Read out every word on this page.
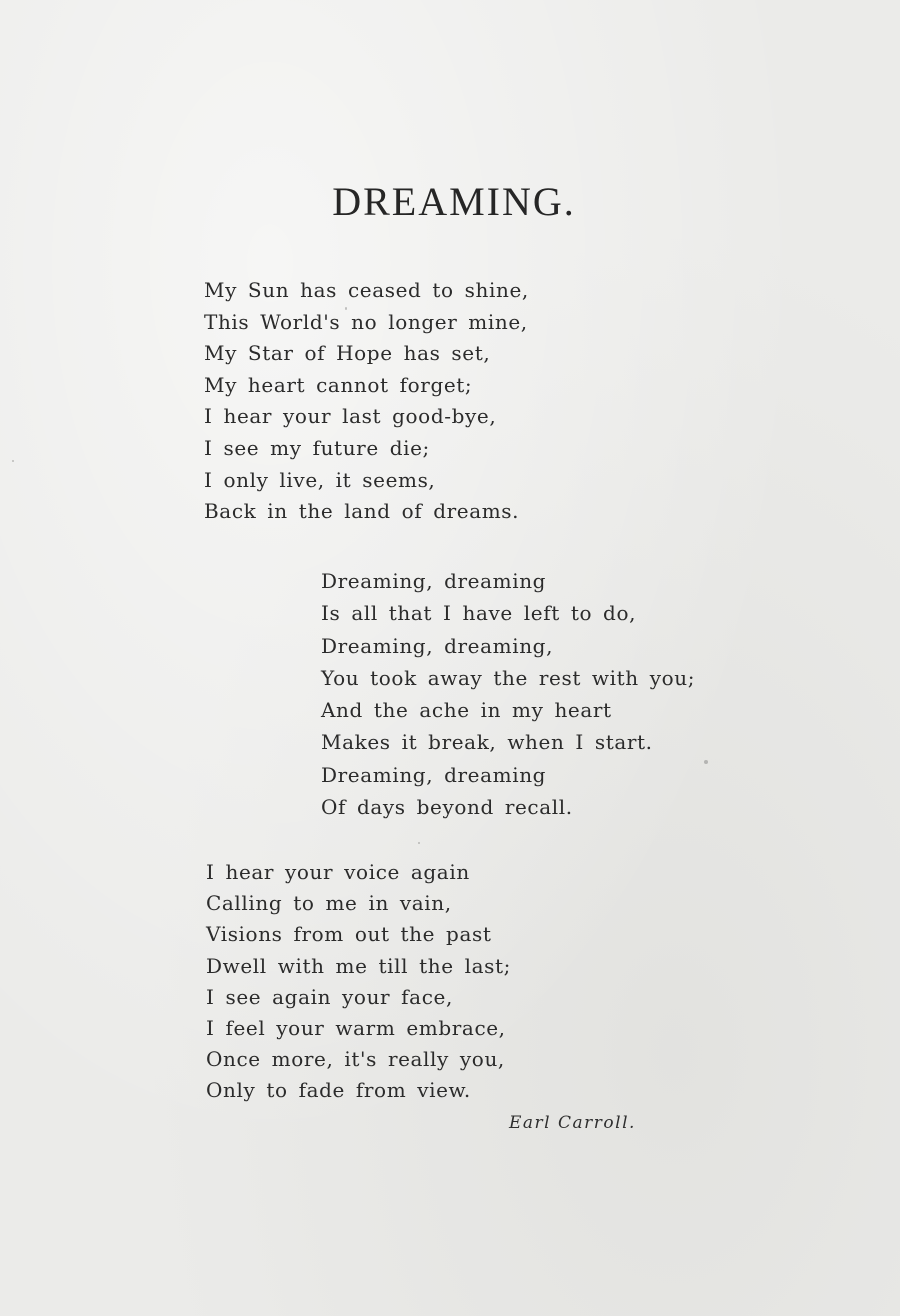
DREAMING.
My Sun has ceased to shine,
This World's no longer mine,
My Star of Hope has set,
My heart cannot forget;
I hear your last good-bye,
I see my future die;
I only live, it seems,
Back in the land of dreams.
Dreaming, dreaming
Is all that I have left to do,
Dreaming, dreaming,
You took away the rest with you;
And the ache in my heart
Makes it break, when I start.
Dreaming, dreaming
Of days beyond recall.
I hear your voice again
Calling to me in vain,
Visions from out the past
Dwell with me till the last;
I see again your face,
I feel your warm embrace,
Once more, it's really you,
Only to fade from view.

Earl Carroll.
